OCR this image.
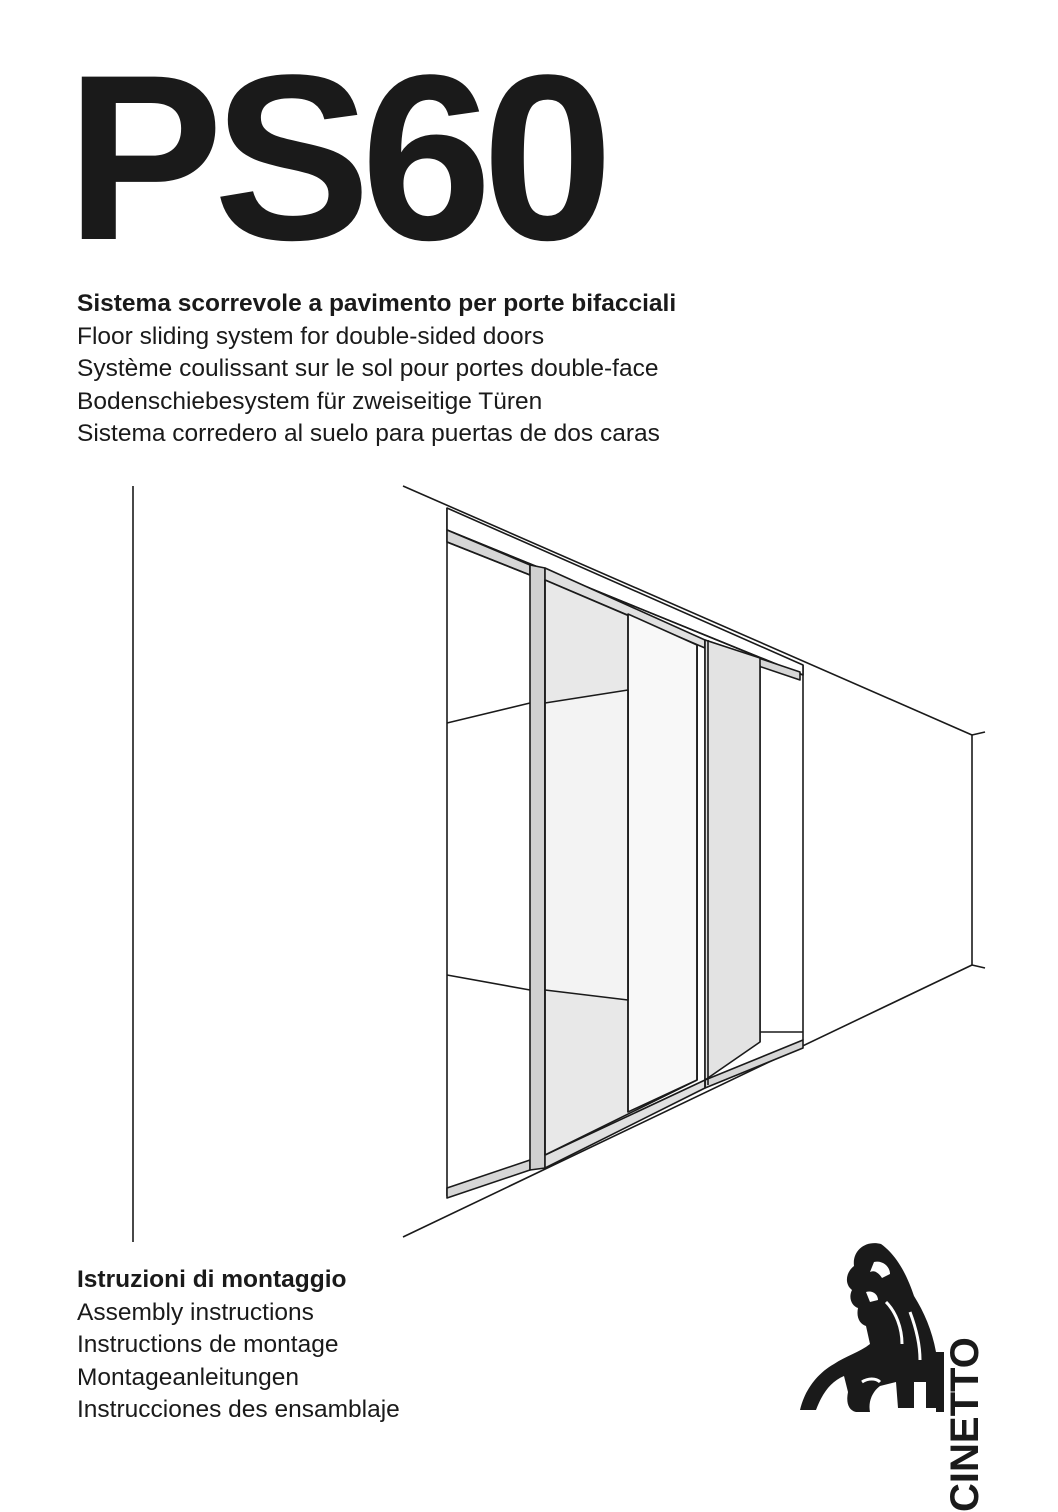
PS60
Sistema scorrevole a pavimento per porte bifacciali
Floor sliding system for double-sided doors
Système coulissant sur le sol pour portes double-face
Bodenschiebesystem für zweiseitige Türen
Sistema corredero al suelo para puertas de dos caras
Istruzioni di montaggio
Assembly instructions
Instructions de montage
Montageanleitungen
Instrucciones des ensamblaje	CINETTO
